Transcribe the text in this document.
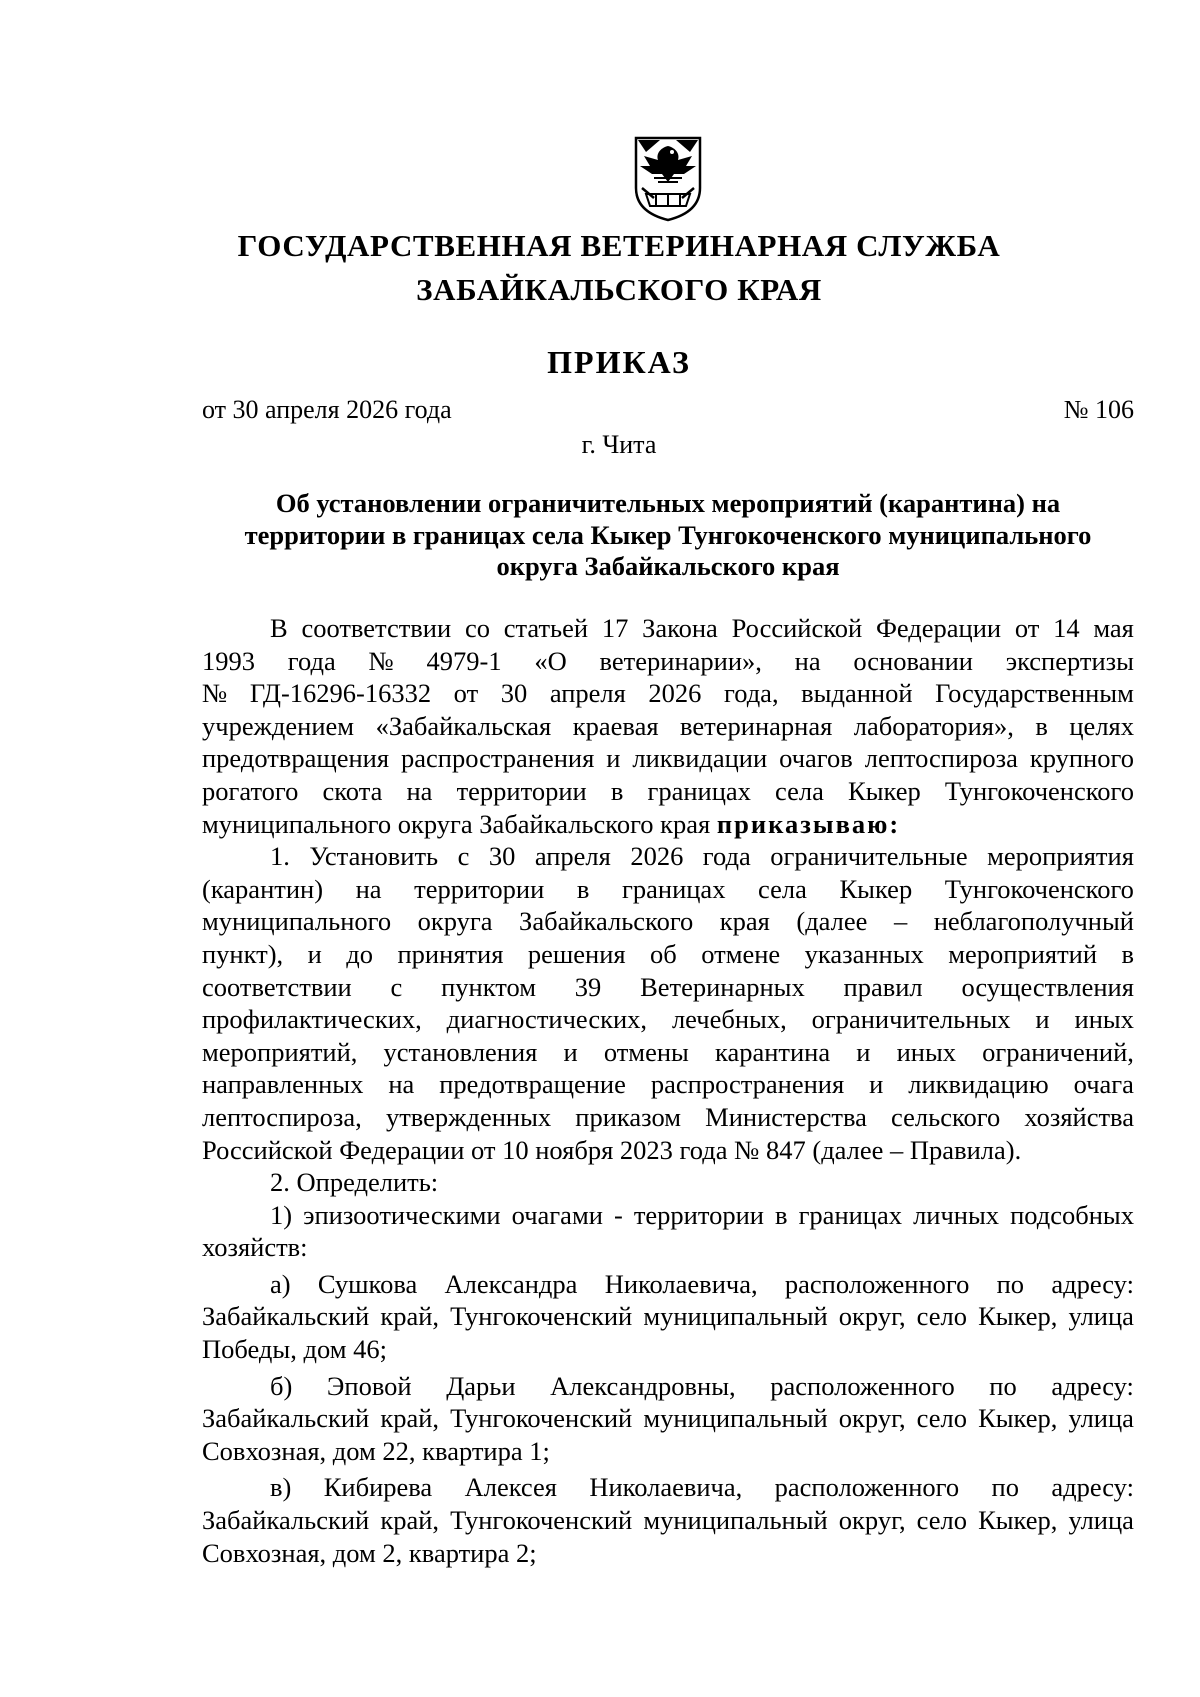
ГОСУДАРСТВЕННАЯ ВЕТЕРИНАРНАЯ СЛУЖБА
ЗАБАЙКАЛЬСКОГО КРАЯ
ПРИКАЗ
от 30 апреля 2026 года	№ 106
г. Чита
Об установлении ограничительных мероприятий (карантина) на
территории в границах села Кыкер Тунгокоченского муниципального
округа Забайкальского края
В соответствии со статьей 17 Закона Российской Федерации от 14 мая
1993 года № 4979-1 «О ветеринарии», на основании экспертизы
№ ГД-16296-16332 от 30 апреля 2026 года, выданной Государственным
учреждением «Забайкальская краевая ветеринарная лаборатория», в целях
предотвращения распространения и ликвидации очагов лептоспироза крупного
рогатого скота на территории в границах села Кыкер Тунгокоченского
муниципального округа Забайкальского края приказываю:
1. Установить с 30 апреля 2026 года ограничительные мероприятия
(карантин) на территории в границах села Кыкер Тунгокоченского
муниципального округа Забайкальского края (далее – неблагополучный
пункт), и до принятия решения об отмене указанных мероприятий в
соответствии с пунктом 39 Ветеринарных правил осуществления
профилактических, диагностических, лечебных, ограничительных и иных
мероприятий, установления и отмены карантина и иных ограничений,
направленных на предотвращение распространения и ликвидацию очага
лептоспироза, утвержденных приказом Министерства сельского хозяйства
Российской Федерации от 10 ноября 2023 года № 847 (далее – Правила).
2. Определить:
1) эпизоотическими очагами - территории в границах личных подсобных
хозяйств:
а) Сушкова Александра Николаевича, расположенного по адресу:
Забайкальский край, Тунгокоченский муниципальный округ, село Кыкер, улица
Победы, дом 46;
б) Эповой Дарьи Александровны, расположенного по адресу:
Забайкальский край, Тунгокоченский муниципальный округ, село Кыкер, улица
Совхозная, дом 22, квартира 1;
в) Кибирева Алексея Николаевича, расположенного по адресу:
Забайкальский край, Тунгокоченский муниципальный округ, село Кыкер, улица
Совхозная, дом 2, квартира 2;
